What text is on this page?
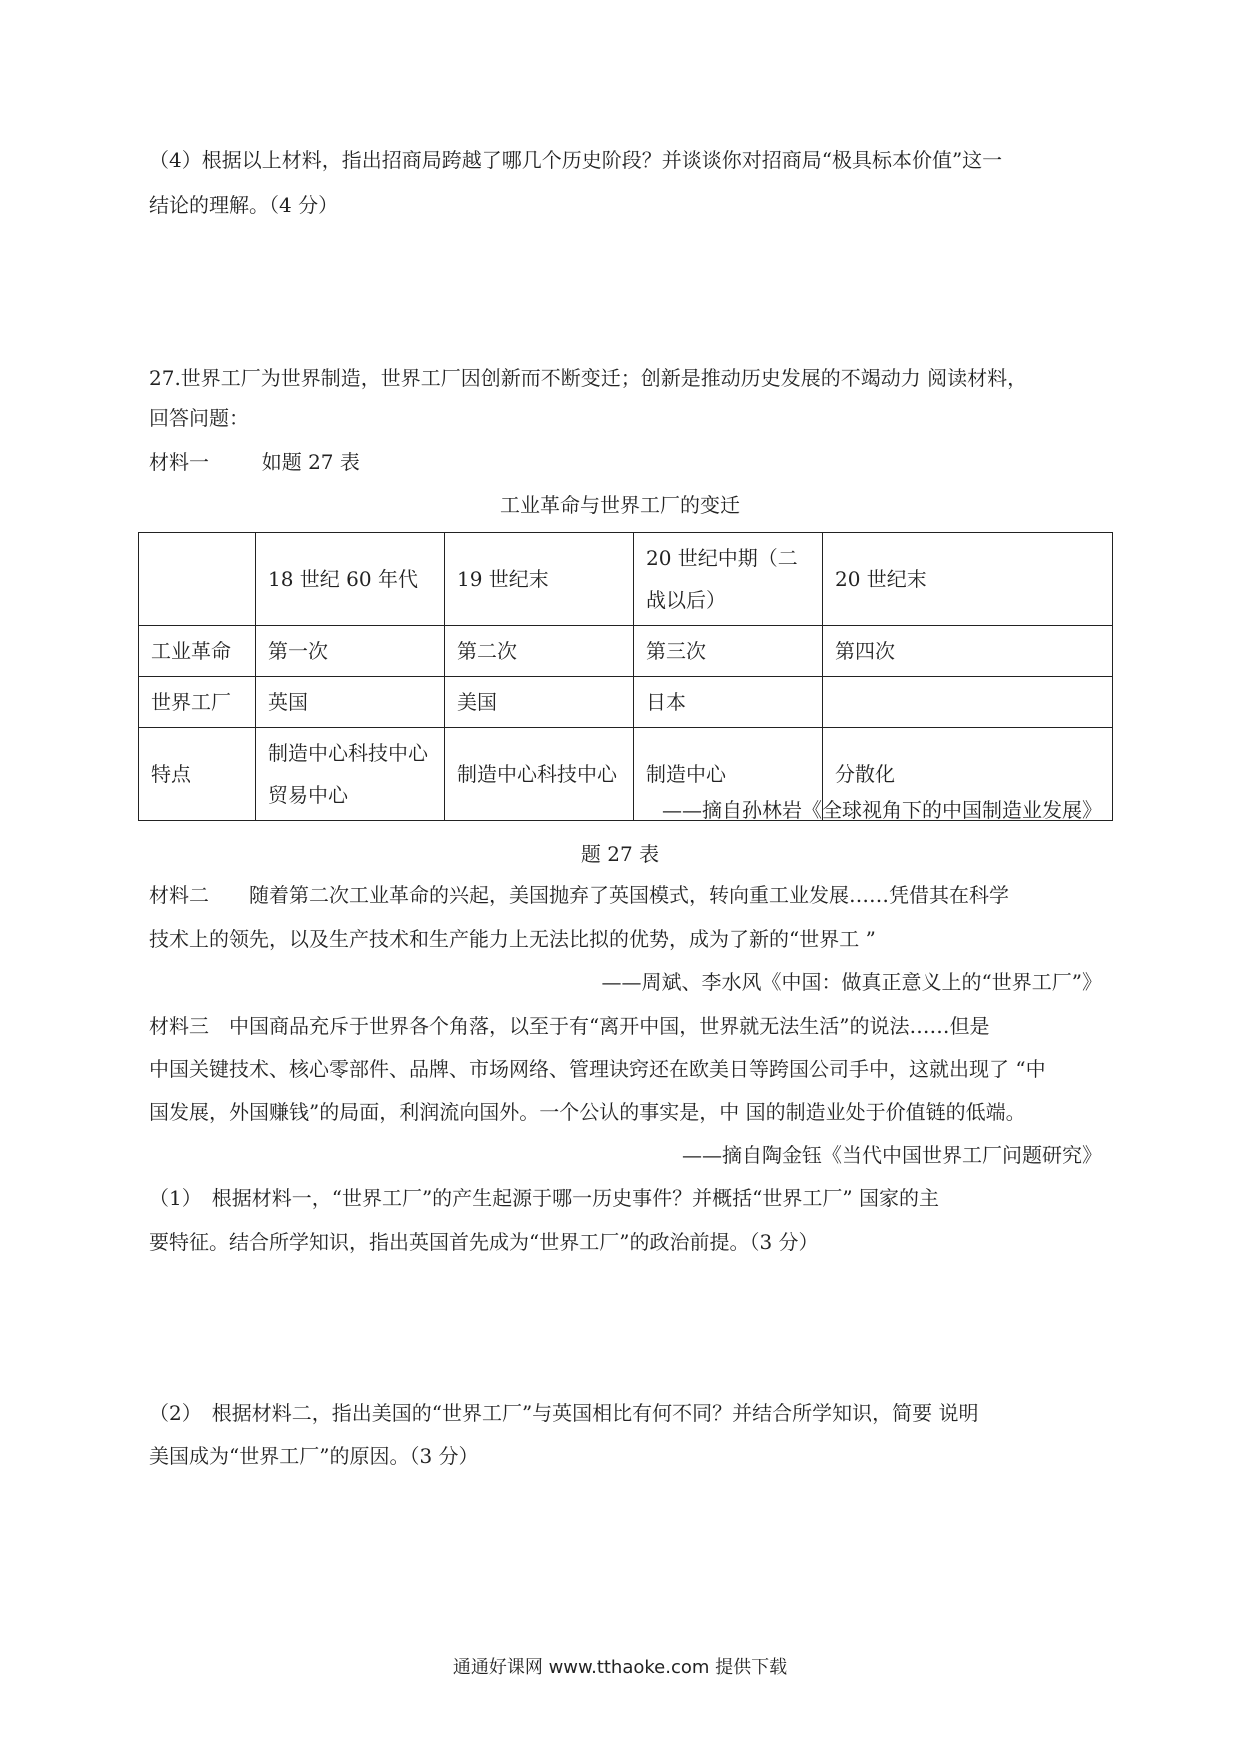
（4）根据以上材料，指出招商局跨越了哪几个历史阶段？并谈谈你对招商局“极具标本价值”这一
结论的理解。（4 分）
27.世界工厂为世界制造，世界工厂因创新而不断变迁；创新是推动历史发展的不竭动力 阅读材料，
回答问题：
材料一	如题 27 表
工业革命与世界工厂的变迁
	18 世纪 60 年代	19 世纪末	20 世纪中期（二战以后）	20 世纪末
工业革命	第一次	第二次	第三次	第四次
世界工厂	英国	美国	日本	
特点	制造中心科技中心贸易中心	制造中心科技中心	制造中心	分散化
——摘自孙林岩《全球视角下的中国制造业发展》
题 27 表
材料二　　随着第二次工业革命的兴起，美国抛弃了英国模式，转向重工业发展……凭借其在科学
技术上的领先，以及生产技术和生产能力上无法比拟的优势，成为了新的“世界工 ”
——周斌、李水风《中国：做真正意义上的“世界工厂”》
材料三　中国商品充斥于世界各个角落，以至于有“离开中国，世界就无法生活”的说法……但是
中国关键技术、核心零部件、品牌、市场网络、管理诀窍还在欧美日等跨国公司手中，这就出现了 “中
国发展，外国赚钱”的局面，利润流向国外。一个公认的事实是，中 国的制造业处于价值链的低端。
——摘自陶金钰《当代中国世界工厂问题研究》
（1）　根据材料一，“世界工厂”的产生起源于哪一历史事件？并概括“世界工厂” 国家的主
要特征。结合所学知识，指出英国首先成为“世界工厂”的政治前提。（3 分）
（2）　根据材料二，指出美国的“世界工厂”与英国相比有何不同？并结合所学知识，简要 说明
美国成为“世界工厂”的原因。（3 分）
通通好课网 www.tthaoke.com 提供下载
